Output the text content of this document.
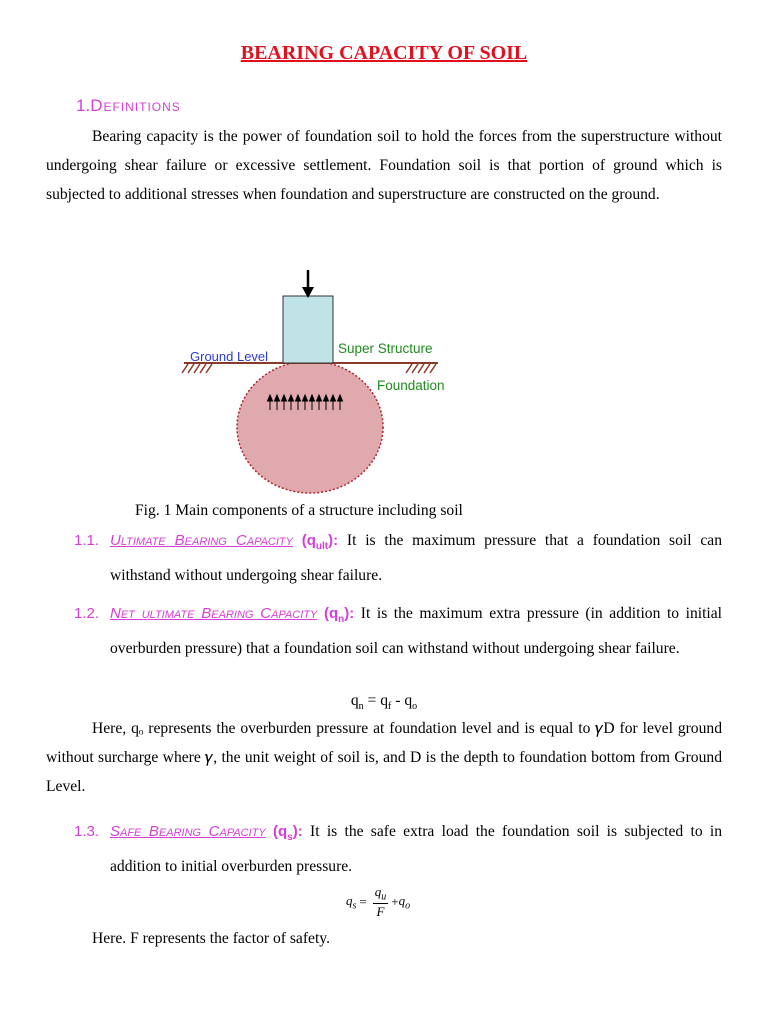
BEARING CAPACITY OF SOIL
1.Definitions
Bearing capacity is the power of foundation soil to hold the forces from the superstructure without undergoing shear failure or excessive settlement. Foundation soil is that portion of ground which is subjected to additional stresses when foundation and superstructure are constructed on the ground.
Ground Level
Super Structure
Foundation
Fig. 1 Main components of a structure including soil
1.1. Ultimate Bearing Capacity $(q_{ult})$: It is the maximum pressure that a foundation soil can withstand without undergoing shear failure.
1.2. Net ultimate Bearing Capacity $(q_n)$: It is the maximum extra pressure (in addition to initial overburden pressure) that a foundation soil can withstand without undergoing shear failure.
$q_n = q_f - q_o$
Here, qₒ represents the overburden pressure at foundation level and is equal to 𝛾D for level ground without surcharge where 𝛾, the unit weight of soil is, and D is the depth to foundation bottom from Ground Level.
1.3. Safe Bearing Capacity $(q_s)$: It is the safe extra load the foundation soil is subjected to in addition to initial overburden pressure.
$q_s = \frac{q_u}{F} + q_o$
Here. F represents the factor of safety.
